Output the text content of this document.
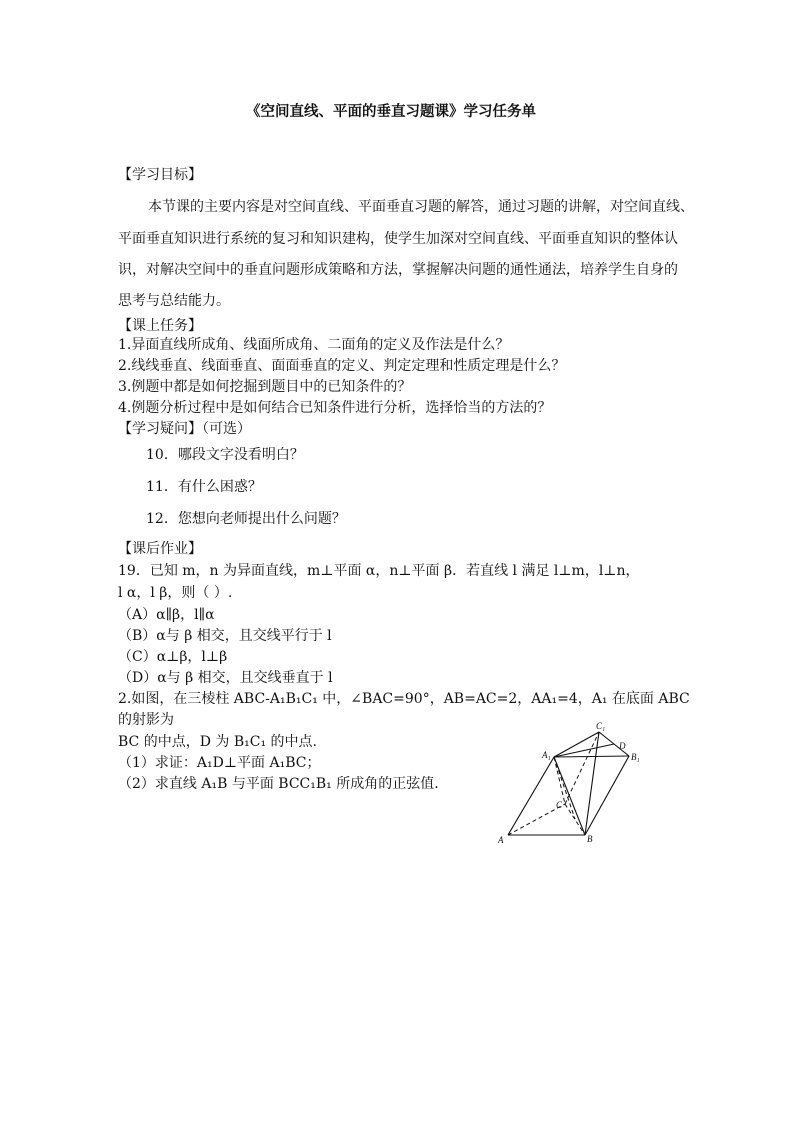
《空间直线、平面的垂直习题课》学习任务单
【学习目标】
本节课的主要内容是对空间直线、平面垂直习题的解答，通过习题的讲解，对空间直线、
平面垂直知识进行系统的复习和知识建构，使学生加深对空间直线、平面垂直知识的整体认
识，对解决空间中的垂直问题形成策略和方法，掌握解决问题的通性通法，培养学生自身的
思考与总结能力。
【课上任务】
1.异面直线所成角、线面所成角、二面角的定义及作法是什么？
2.线线垂直、线面垂直、面面垂直的定义、判定定理和性质定理是什么？
3.例题中都是如何挖掘到题目中的已知条件的？
4.例题分析过程中是如何结合已知条件进行分析，选择恰当的方法的？
【学习疑问】（可选）
10．哪段文字没看明白？
11．有什么困惑？
12．您想向老师提出什么问题？
【课后作业】
19．已知 m，n 为异面直线，m⊥平面 α，n⊥平面 β．若直线 l 满足 l⊥m，l⊥n，
l α，l β，则（ ）.
（A）α∥β，l∥α
（B）α与 β 相交，且交线平行于 l
（C）α⊥β，l⊥β
（D）α与 β 相交，且交线垂直于 l
2.如图，在三棱柱 ABC-A₁B₁C₁ 中，∠BAC=90°，AB=AC=2，AA₁=4，A₁ 在底面 ABC
的射影为
BC 的中点，D 为 B₁C₁ 的中点.
（1）求证：A₁D⊥平面 A₁BC；
（2）求直线 A₁B 与平面 BCC₁B₁ 所成角的正弦值.
A	B
C
A₁	B₁
C₁
D
